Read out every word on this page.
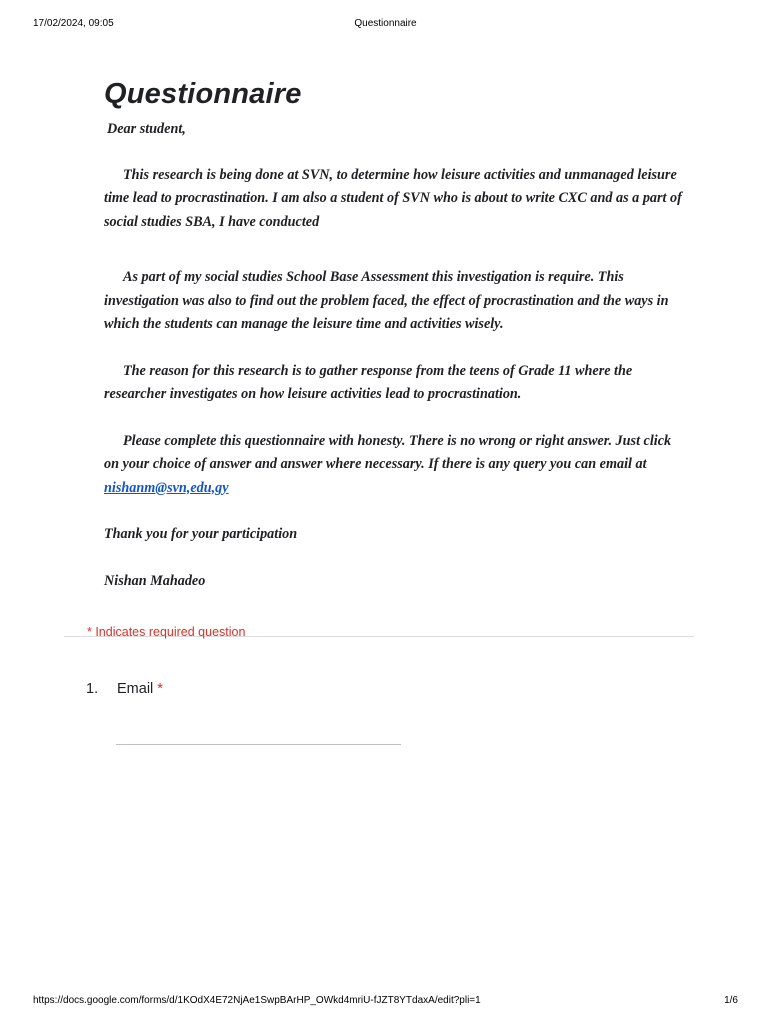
17/02/2024, 09:05	Questionnaire
Questionnaire

Dear student,

This research is being done at SVN, to determine how leisure activities and unmanaged leisure time lead to procrastination. I am also a student of SVN who is about to write CXC and as a part of social studies SBA, I have conducted

As part of my social studies School Base Assessment this investigation is require. This investigation was also to find out the problem faced, the effect of procrastination and the ways in which the students can manage the leisure time and activities wisely.

The reason for this research is to gather response from the teens of Grade 11 where the researcher investigates on how leisure activities lead to procrastination.

Please complete this questionnaire with honesty. There is no wrong or right answer. Just click on your choice of answer and answer where necessary. If there is any query you can email at nishanm@svn,edu,gy

Thank you for your participation

Nishan Mahadeo

* Indicates required question
1. Email *
https://docs.google.com/forms/d/1KOdX4E72NjAe1SwpBArHP_OWkd4mriU-fJZT8YTdaxA/edit?pli=1	1/6
